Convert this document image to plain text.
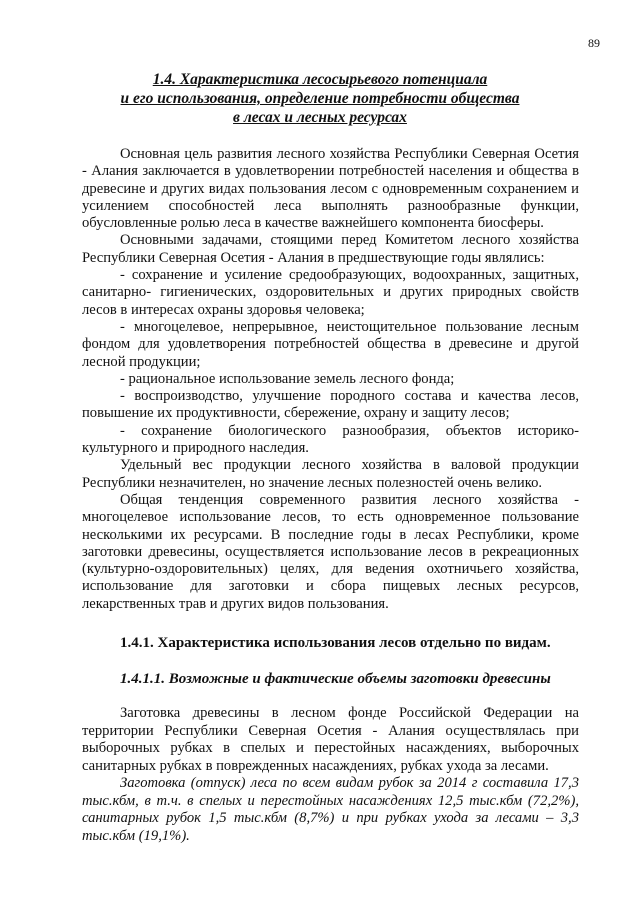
89
1.4. Характеристика лесосырьевого потенциала
и его использования, определение потребности общества
в лесах и лесных ресурсах

Основная цель развития лесного хозяйства Республики Северная Осетия - Алания заключается в удовлетворении потребностей населения и общества в древесине и других видах пользования лесом с одновременным сохранением и усилением способностей леса выполнять разнообразные функции, обусловленные ролью леса в качестве важнейшего компонента биосферы.

Основными задачами, стоящими перед Комитетом лесного хозяйства Республики Северная Осетия - Алания в предшествующие годы являлись:

- сохранение и усиление средообразующих, водоохранных, защитных, санитарно- гигиенических, оздоровительных и других природных свойств лесов в интересах охраны здоровья человека;

- многоцелевое, непрерывное, неистощительное пользование лесным фондом для удовлетворения потребностей общества в древесине и другой лесной продукции;

- рациональное использование земель лесного фонда;

- воспроизводство, улучшение породного состава и качества лесов, повышение их продуктивности, сбережение, охрану и защиту лесов;

- сохранение биологического разнообразия, объектов историко- культурного и природного наследия.

Удельный вес продукции лесного хозяйства в валовой продукции Республики незначителен, но значение лесных полезностей очень велико.

Общая тенденция современного развития лесного хозяйства - многоцелевое использование лесов, то есть одновременное пользование несколькими их ресурсами. В последние годы в лесах Республики, кроме заготовки древесины, осуществляется использование лесов в рекреационных (культурно-оздоровительных) целях, для ведения охотничьего хозяйства, использование для заготовки и сбора пищевых лесных ресурсов, лекарственных трав и других видов пользования.

1.4.1. Характеристика использования лесов отдельно по видам.
1.4.1.1. Возможные и фактические объемы заготовки древесины

Заготовка древесины в лесном фонде Российской Федерации на территории Республики Северная Осетия - Алания осуществлялась при выборочных рубках в спелых и перестойных насаждениях, выборочных санитарных рубках в поврежденных насаждениях, рубках ухода за лесами.

Заготовка (отпуск) леса по всем видам рубок за 2014 г составила 17,3 тыс.кбм, в т.ч. в спелых и перестойных насаждениях 12,5 тыс.кбм (72,2%), санитарных рубок 1,5 тыс.кбм (8,7%) и при рубках ухода за лесами – 3,3 тыс.кбм (19,1%).
